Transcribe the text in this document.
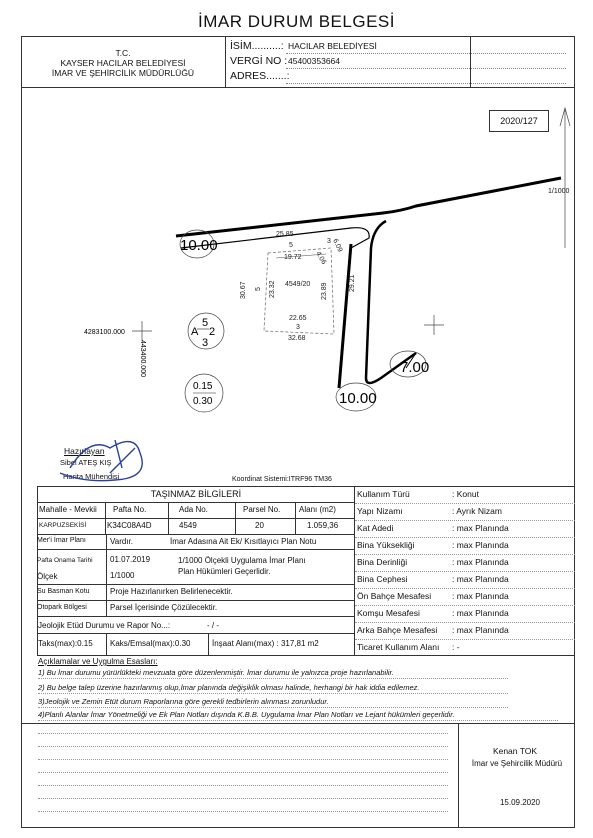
İMAR DURUM BELGESİ
T.C.
KAYSER HACILAR BELEDİYESİ
İMAR VE ŞEHİRCİLİK MÜDÜRLÜĞÜ
İSİM..........: HACILAR BELEDİYESİ
VERGİ NO : 45400353664
ADRES.......:
2020/127
1/1000
10.00
10.00
7.00
25.85
6.09
5
3
19.72 4.06
30.67 5 23.32 4549/20 23.89	29.21
22.65
3
32.68
4283100.000
443400.000
5
A 2
3
0.15
0.30
Hazırlayan
Sibel ATEŞ KIŞ
Harita Mühendisi	Koordinat Sistemi:ITRF96 TM36
TAŞINMAZ BİLGİLERİ
Mahalle - Mevkii Pafta No.	Ada No.	Parsel No. Alanı (m2)
KARPUZSEKİSİ	K34C08A4D	4549	20	1.059,36
Mer'i İmar Planı	Vardır.	İmar Adasına Ait Ek/ Kısıtlayıcı Plan Notu
Pafta Onama Tarihi 01.07.2019	1/1000 Ölçekli Uygulama İmar Planı
Plan Hükümleri Geçerlidir.
Ölçek	1/1000
Su Basman Kotu	Proje Hazırlanırken Belirlenecektir.
Otopark Bölgesi	Parsel İçerisinde Çözülecektir.
Jeolojik Etüd Durumu ve Rapor No...:	- / -
Taks(max):0.15 Kaks/Emsal(max):0.30	İnşaat Alanı(max) : 317,81 m2
Kullanım Türü	: Konut
Yapı Nizamı	: Ayrık Nizam
Kat Adedi	: max Planında
Bina Yüksekliği	: max Planında
Bina Derinliği	: max Planında
Bina Cephesi	: max Planında
Ön Bahçe Mesafesi : max Planında
Komşu Mesafesi	: max Planında
Arka Bahçe Mesafesi : max Planında
Ticaret Kullanım Alanı : -
Açıklamalar ve Uygulma Esasları:
1) Bu İmar durumu yürürlükteki mevzuata göre düzenlenmiştir. İmar durumu ile yalnızca proje hazırlanabilir.
2) Bu belge talep üzerine hazırlanmış olup,İmar planında değişiklik olması halinde, herhangi bir hak iddia edilemez.
3)Jeolojik ve Zemin Etüt durum Raporlarına göre gerekli tedbirlerin alınması zorunludur.
4)Planlı Alanlar İmar Yönetmeliği ve Ek Plan Notları dışında K.B.B. Uygulama İmar Plan Notları ve Lejant hükümleri geçerlidir.
Kenan TOK
İmar ve Şehircilik Müdürü
15.09.2020
